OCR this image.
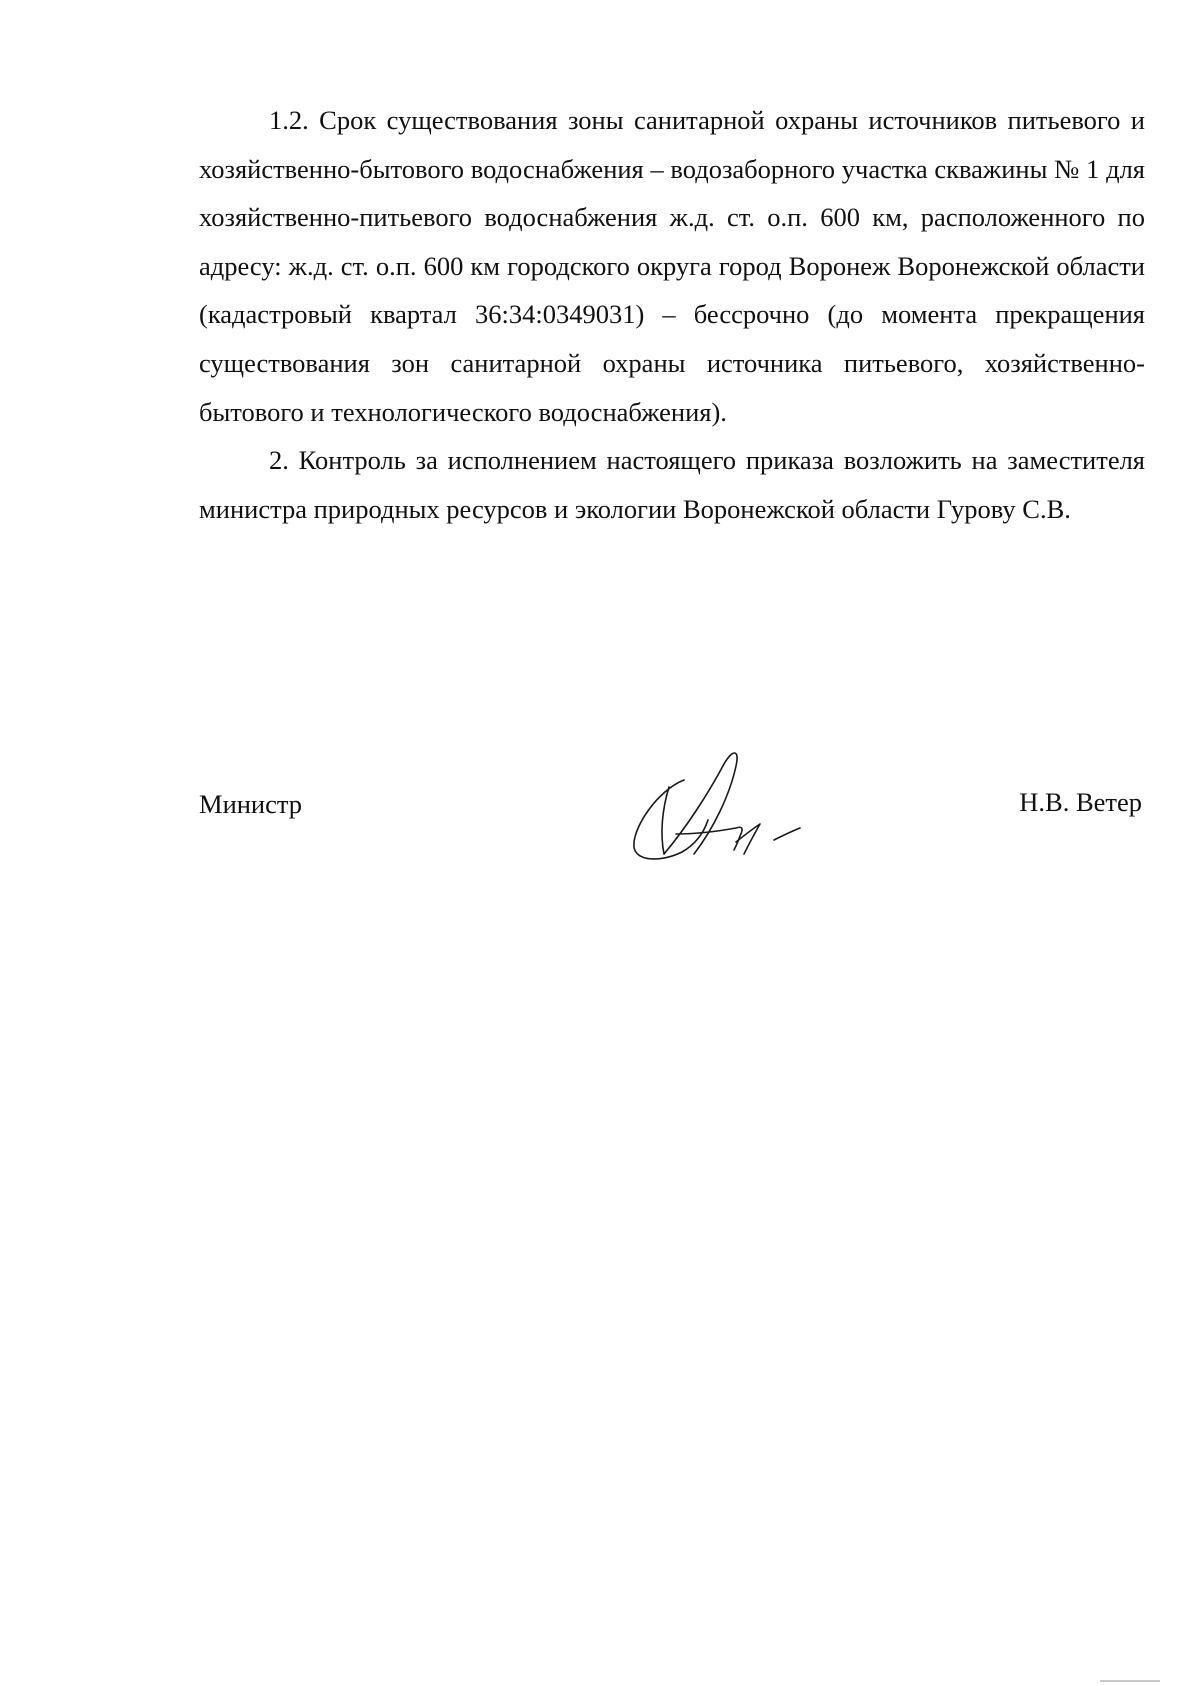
1.2. Срок существования зоны санитарной охраны источников питьевого и хозяйственно-бытового водоснабжения – водозаборного участка скважины № 1 для хозяйственно-питьевого водоснабжения ж.д. ст. о.п. 600 км, расположенного по адресу: ж.д. ст. о.п. 600 км городского округа город Воронеж Воронежской области (кадастровый квартал 36:34:0349031) – бессрочно (до момента прекращения существования зон санитарной охраны источника питьевого, хозяйственно-бытового и технологического водоснабжения).

2. Контроль за исполнением настоящего приказа возложить на заместителя министра природных ресурсов и экологии Воронежской области Гурову С.В.

Министр	Н.В. Ветер
